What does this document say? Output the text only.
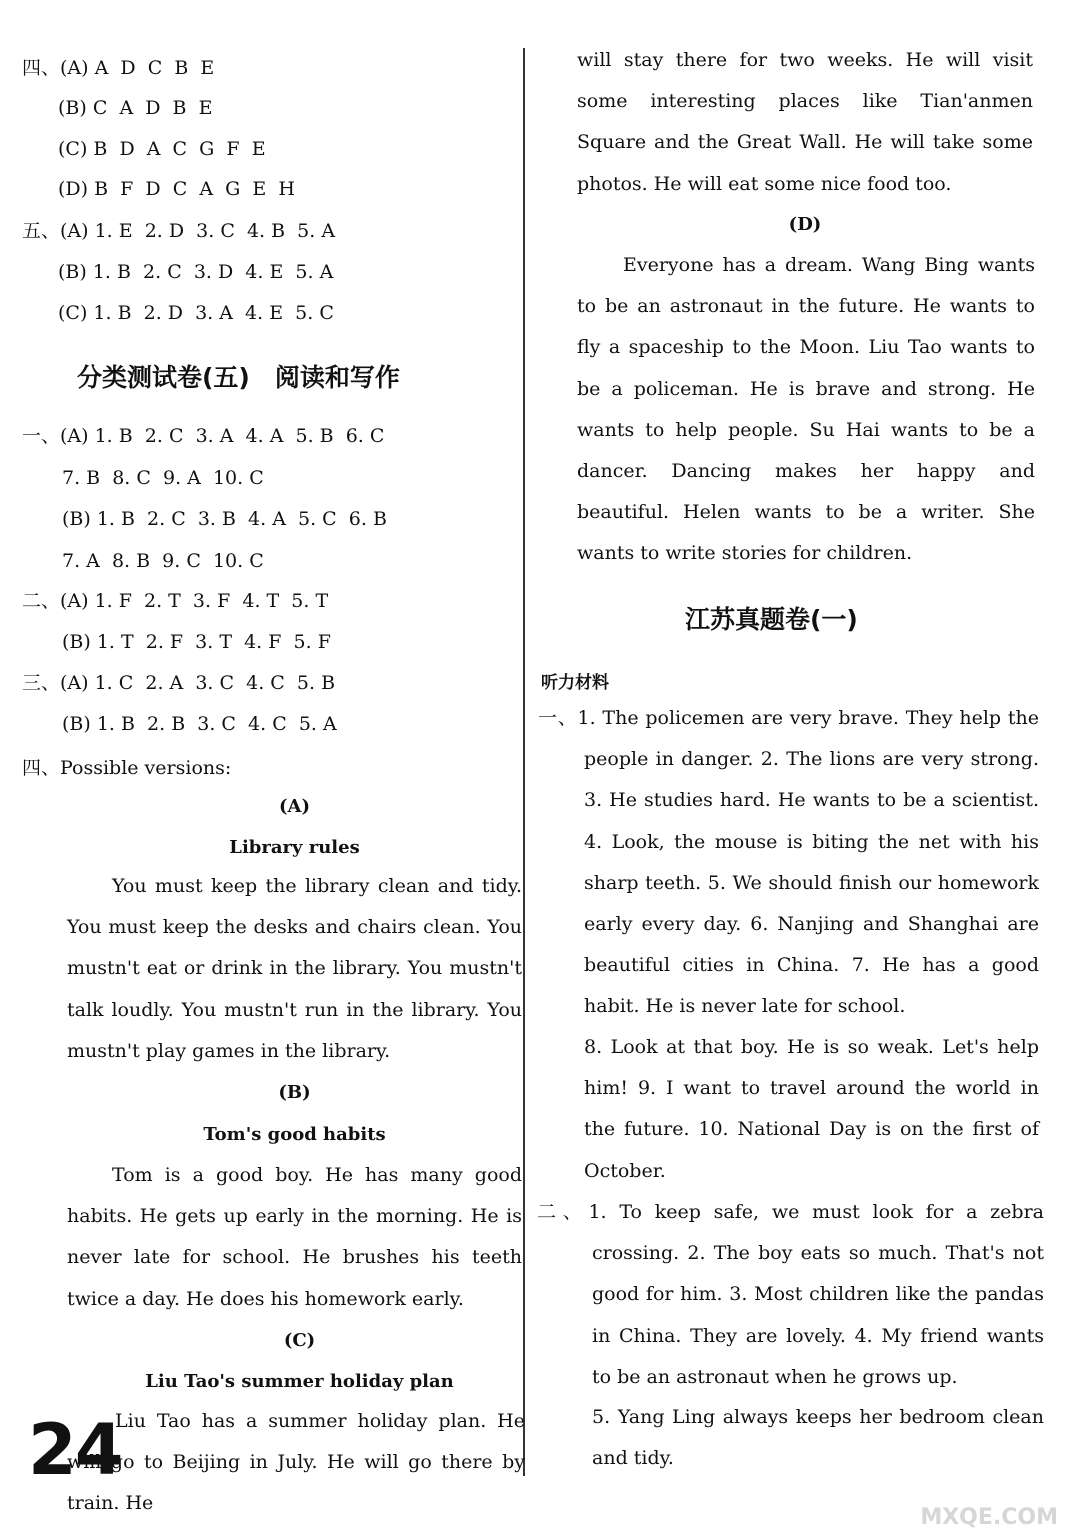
四、(A) A  D  C  B  E
(B) C  A  D  B  E
(C) B  D  A  C  G  F  E
(D) B  F  D  C  A  G  E  H
五、(A) 1. E  2. D  3. C  4. B  5. A
(B) 1. B  2. C  3. D  4. E  5. A
(C) 1. B  2. D  3. A  4. E  5. C
分类测试卷(五)　阅读和写作
一、(A) 1. B  2. C  3. A  4. A  5. B  6. C
7. B  8. C  9. A  10. C
(B) 1. B  2. C  3. B  4. A  5. C  6. B
7. A  8. B  9. C  10. C
二、(A) 1. F  2. T  3. F  4. T  5. T
(B) 1. T  2. F  3. T  4. F  5. F
三、(A) 1. C  2. A  3. C  4. C  5. B
(B) 1. B  2. B  3. C  4. C  5. A
四、Possible versions:
(A)
Library rules
You must keep the library clean and tidy. You must keep the desks and chairs clean. You mustn't eat or drink in the library. You mustn't talk loudly. You mustn't run in the library. You mustn't play games in the library.
(B)
Tom's good habits
Tom is a good boy. He has many good habits. He gets up early in the morning. He is never late for school. He brushes his teeth twice a day. He does his homework early.
(C)
Liu Tao's summer holiday plan
Liu Tao has a summer holiday plan. He will go to Beijing in July. He will go there by train. He
24
will stay there for two weeks. He will visit some interesting places like Tian'anmen Square and the Great Wall. He will take some photos. He will eat some nice food too.
(D)
Everyone has a dream. Wang Bing wants to be an astronaut in the future. He wants to fly a spaceship to the Moon. Liu Tao wants to be a policeman. He is brave and strong. He wants to help people. Su Hai wants to be a dancer. Dancing makes her happy and beautiful. Helen wants to be a writer. She wants to write stories for children.
江苏真题卷(一)
听力材料
一、1. The policemen are very brave. They help the people in danger. 2. The lions are very strong. 3. He studies hard. He wants to be a scientist. 4. Look, the mouse is biting the net with his sharp teeth. 5. We should finish our homework early every day. 6. Nanjing and Shanghai are beautiful cities in China. 7. He has a good habit. He is never late for school.
8. Look at that boy. He is so weak. Let's help him! 9. I want to travel around the world in the future. 10. National Day is on the first of October.
二、1. To keep safe, we must look for a zebra crossing. 2. The boy eats so much. That's not good for him. 3. Most children like the pandas in China. They are lovely. 4. My friend wants to be an astronaut when he grows up.
5. Yang Ling always keeps her bedroom clean and tidy.
MXQE.COM
